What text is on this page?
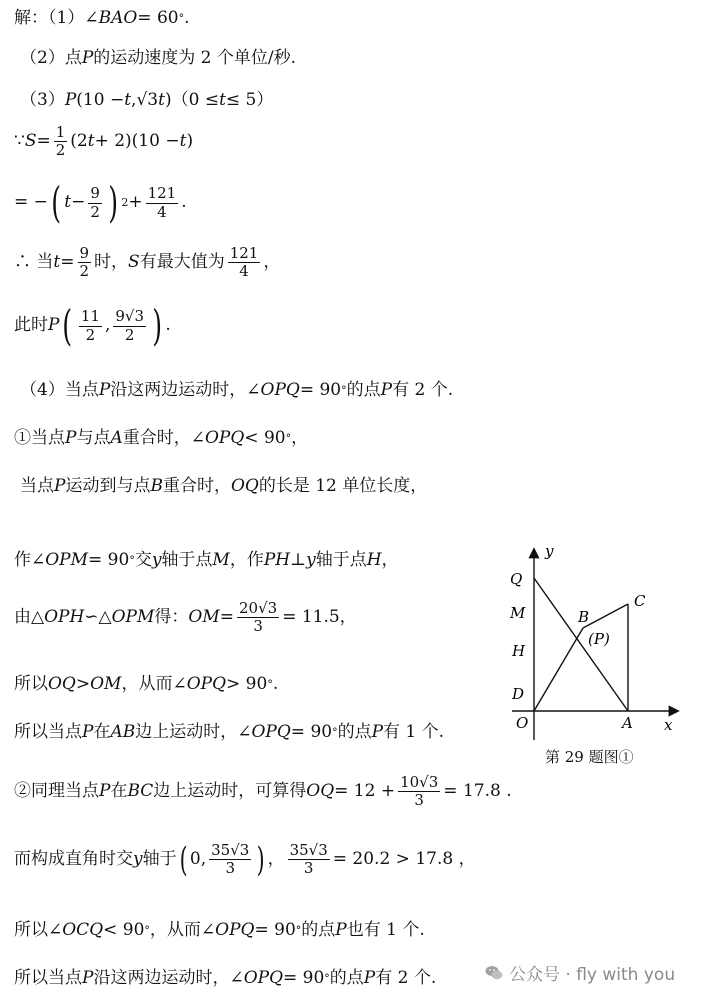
解：（1） ∠ BAO = 60 ° .
（2）点 P 的运动速度为 2 个单位/秒.
（3） P (10 − t , √3 t ) （0 ≤ t ≤ 5）
∵ $S = \frac{1}{2} (2$ t + 2)(10 − t )
= − ( $t - \frac{9}{2}$ ) $2 + \frac{121}{4}$ .
∴ 当 $t = \frac{9}{2}$ 时， S 有最大值为 $\frac{121}{4}$ ，
此时 P ( $\frac{11}{2}$ , $\frac{9√3}{2}$ ) .
（4）当点 P 沿这两边运动时， ∠OPQ = 90 ° 的点 P 有 2 个.
①当点 P 与点 A 重合时， ∠OPQ < 90 ° ，
当点 P 运动到与点 B 重合时， OQ 的长是 12 单位长度，
作 ∠OPM = 90 ° 交 y 轴于点 M ，作 PH ⊥ y 轴于点 H ，
由 △OPH ∽ △OPM 得： OM = $\frac{20√3}{3} = 11.5$，
所以 OQ > OM ，从而 ∠OPQ > 90 ° .
所以当点 P 在 AB 边上运动时， ∠OPQ = 90 ° 的点 P 有 1 个.
②同理当点 P 在 BC 边上运动时，可算得 OQ = $12 + \frac{10√3}{3} = 17.8$ .
而构成直角时交 y 轴于 ( 0, $\frac{35√3}{3}$ ) ， $\frac{35√3}{3} = 20.2 > 17.8$ ，
所以 ∠OCQ < 90 ° ，从而 ∠OPQ = 90 ° 的点 P 也有 1 个.
所以当点 P 沿这两边运动时， ∠OPQ = 90 ° 的点 P 有 2 个.
y
x
Q
M
H
D
O	A
B
C
(P)
第 29 题图①
公众号 · fly with you
